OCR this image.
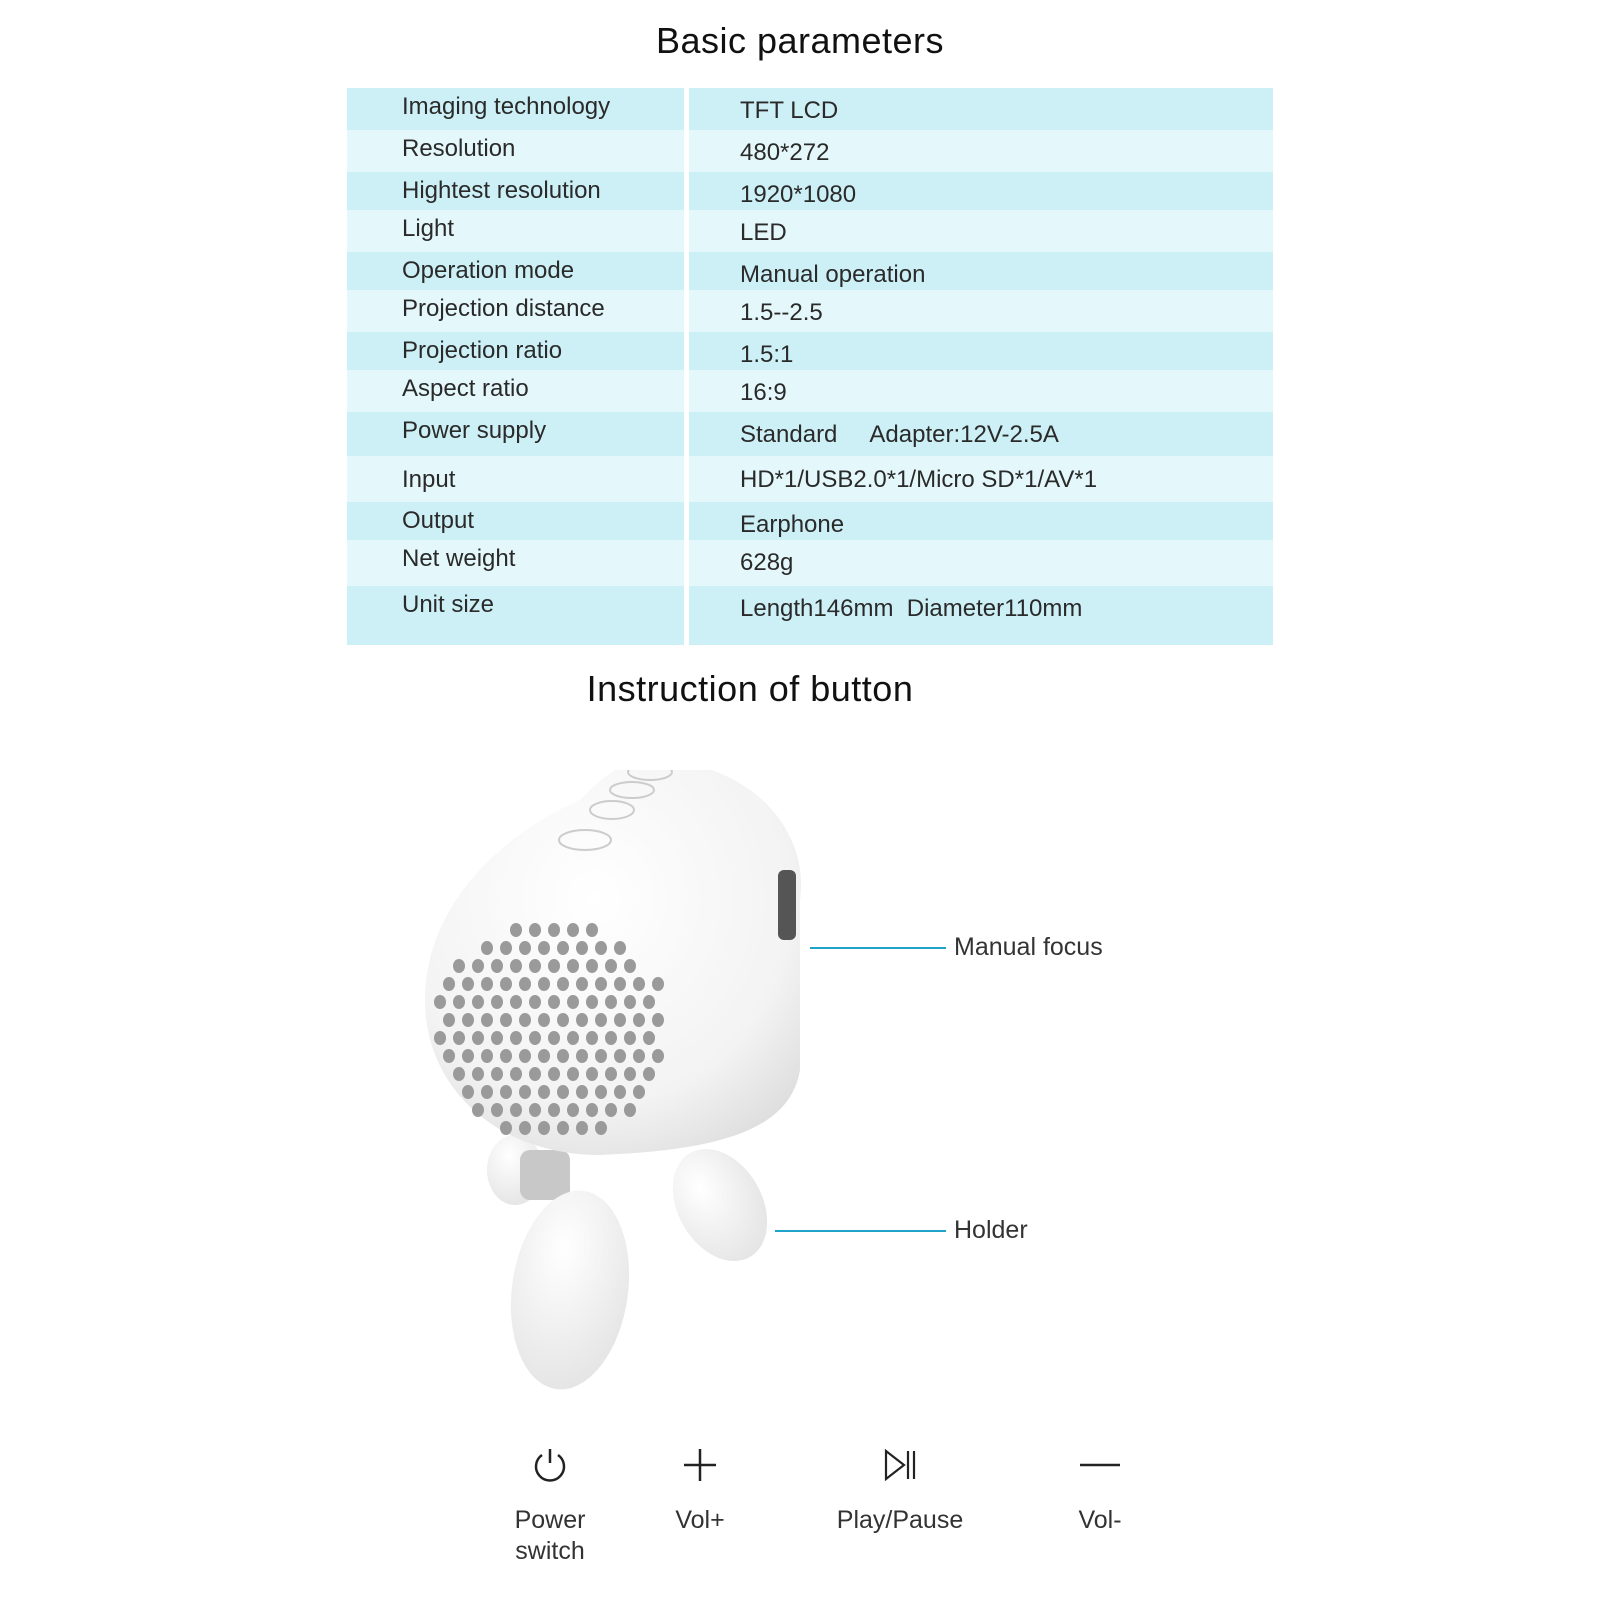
Basic parameters
Imaging technology	TFT LCD
Resolution	480*272
Hightest resolution	1920*1080
Light	LED
Operation mode	Manual operation
Projection distance	1.5--2.5
Projection ratio	1.5:1
Aspect ratio	16:9
Power supply	Standard     Adapter:12V-2.5A
Input	HD*1/USB2.0*1/Micro SD*1/AV*1
Output	Earphone
Net weight	628g
Unit size	Length146mm  Diameter110mm
Instruction of button
Manual focus
Holder
Power
switch
Vol+	Play/Pause	Vol-
